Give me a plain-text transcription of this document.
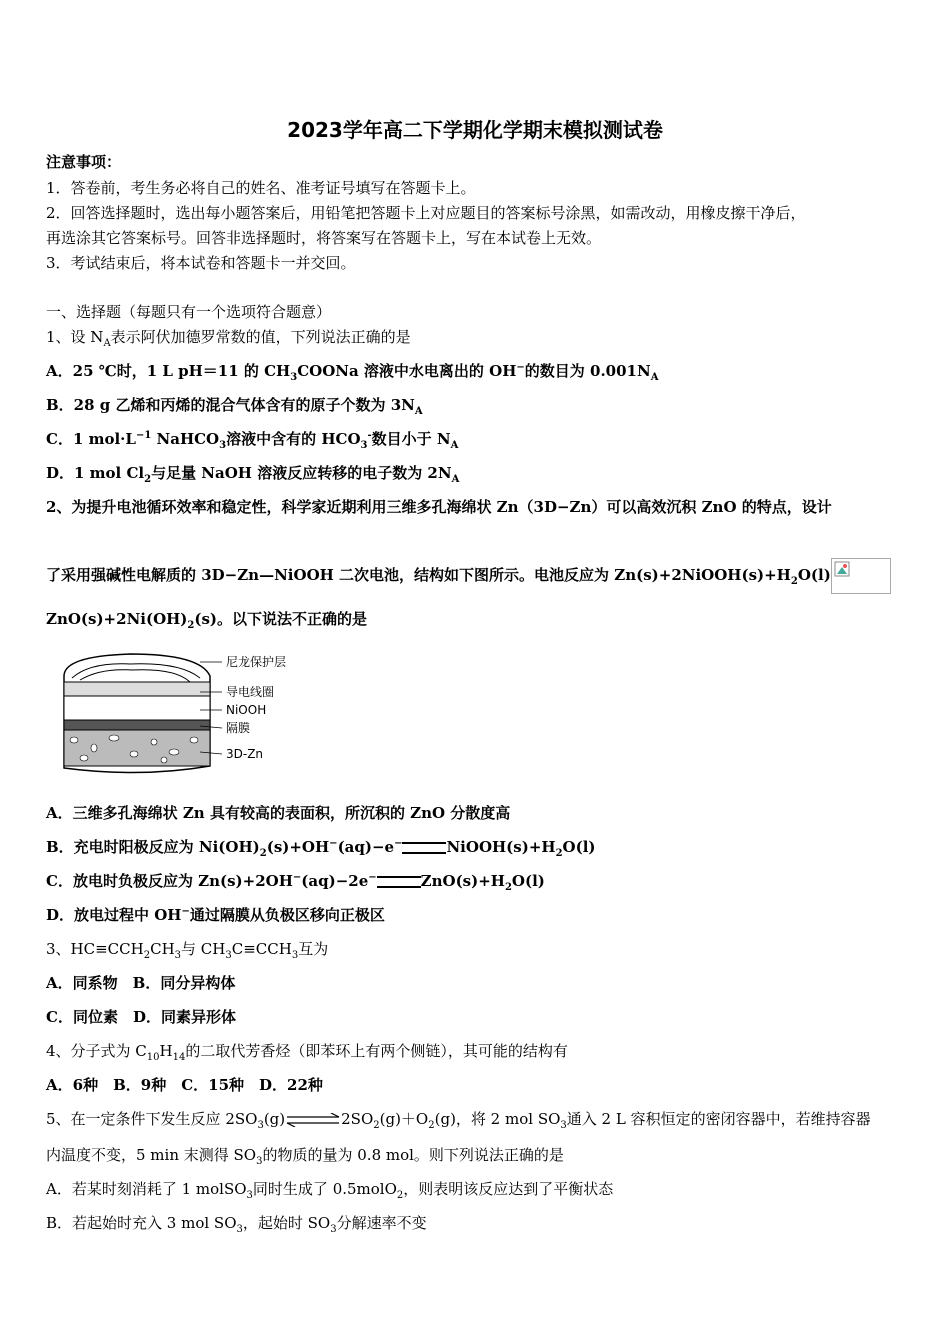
2023学年高二下学期化学期末模拟测试卷
注意事项：
1．答卷前，考生务必将自己的姓名、准考证号填写在答题卡上。
2．回答选择题时，选出每小题答案后，用铅笔把答题卡上对应题目的答案标号涂黑，如需改动，用橡皮擦干净后，
再选涂其它答案标号。回答非选择题时，将答案写在答题卡上，写在本试卷上无效。
3．考试结束后，将本试卷和答题卡一并交回。
一、选择题（每题只有一个选项符合题意）
1、设 $N_A$表示阿伏加德罗常数的值，下列说法正确的是
A．25 ℃时，1 L pH＝11 的 $CH_3COONa$ 溶液中水电离出的 OH−的数目为 $0.001N_A$
B．28 g 乙烯和丙烯的混合气体含有的原子个数为 $3N_A$
C．1 $mol\cdot L^{-1}$ NaHCO$_3$溶液中含有的 $HCO_3^-$数目小于 $N_A$
D．1 mol $Cl_2$与足量 NaOH 溶液反应转移的电子数为 $2N_A$
2、为提升电池循环效率和稳定性，科学家近期利用三维多孔海绵状 Zn（3D−Zn）可以高效沉积 ZnO 的特点，设计
了采用强碱性电解质的 3D−Zn—NiOOH 二次电池，结构如下图所示。电池反应为 $Zn(s)+2NiOOH(s)+H_2O(l)$
$ZnO(s)+2Ni(OH)_2(s)$。以下说法不正确的是
尼龙保护层
导电线圈
NiOOH
隔膜
3D-Zn
A．三维多孔海绵状 Zn 具有较高的表面积，所沉积的 ZnO 分散度高
B．充电时阳极反应为 $Ni(OH)_2(s)+OH^-(aq)-e^-$	$NiOOH(s)+H_2O(l)$
C．放电时负极反应为 Zn(s)+2OH−(aq)−2e−	$ZnO(s)+H_2O(l)$
D．放电过程中 OH−通过隔膜从负极区移向正极区
3、$HC\equiv CCH_2CH_3$与 $CH_3C\equiv CCH_3$互为
A．同系物　B．同分异构体
C．同位素　D．同素异形体
4、分子式为 $C_{10}H_{14}$的二取代芳香烃（即苯环上有两个侧链），其可能的结构有
A．6种　B．9种　C．15种　D．22种
5、在一定条件下发生反应 $2SO_3(g)\rightleftharpoons 2SO_2(g)+O_2(g)$，将 2 mol $SO_3$通入 2 L 容积恒定的密闭容器中，若维持容器
内温度不变，5 min 末测得 $SO_3$的物质的量为 0.8 mol。则下列说法正确的是
A．若某时刻消耗了 1 molSO$_3$同时生成了 0.5molO$_2$，则表明该反应达到了平衡状态
B．若起始时充入 3 mol $SO_3$，起始时 $SO_3$分解速率不变
